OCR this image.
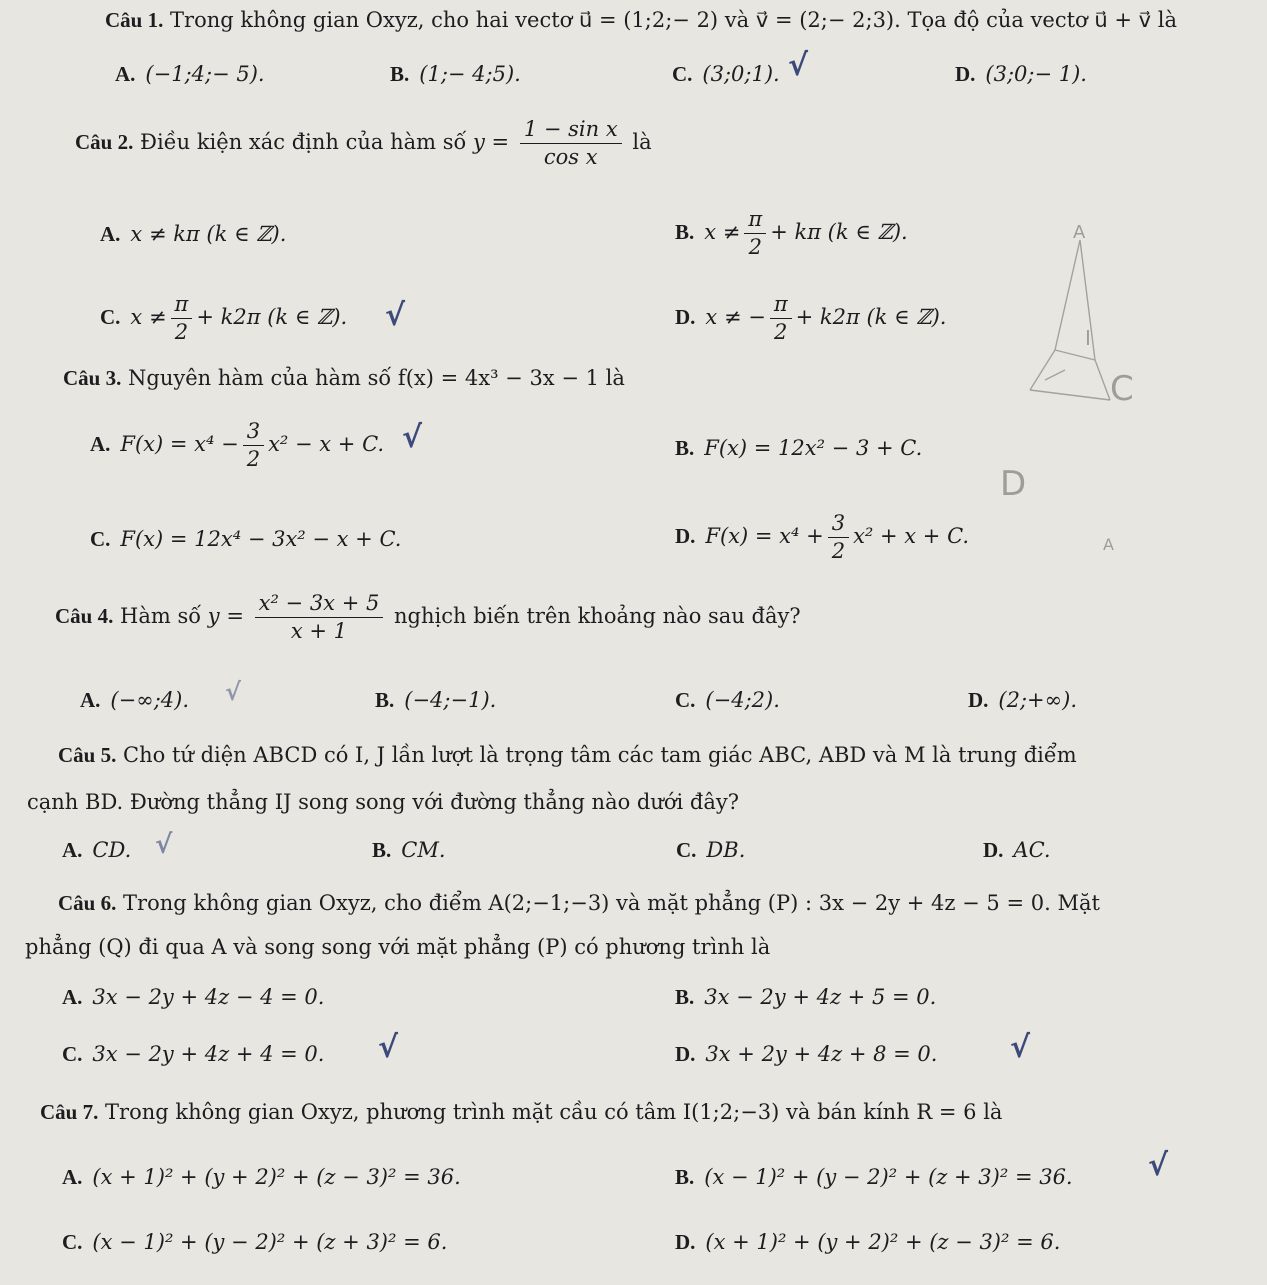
Câu 1. Trong không gian Oxyz, cho hai vectơ u⃗ = (1;2;− 2) và v⃗ = (2;− 2;3). Tọa độ của vectơ u⃗ + v⃗ là
A. (−1;4;− 5).	B. (1;− 4;5).	C. (3;0;1).	D. (3;0;− 1).
√
Câu 2. Điều kiện xác định của hàm số $y = \frac{\text{1 − sin x}}{\text{cos x}}$ là
A. x ≠ kπ (k ∈ ℤ).	B. $x \ne \frac{\pi}{2} + k\pi$ (k ∈ ℤ).
C. $x \ne \frac{\pi}{2} + k2\pi$ (k ∈ ℤ).	D. x ≠ − $\frac{\pi}{2} + k2\pi$ (k ∈ ℤ).
√
Câu 3. Nguyên hàm của hàm số f(x) = 4x³ − 3x − 1 là
A. $F(x) = x^4 - \frac{3}{2} x^2 - x + C$.	B. F(x) = 12x² − 3 + C.
C. F(x) = 12x⁴ − 3x² − x + C.	D. $F(x) = x^4 + \frac{3}{2} x^2 + x + C$.
√
Câu 4. Hàm số $y = \frac{\text{x² − 3x + 5}}{x + 1}$ nghịch biến trên khoảng nào sau đây?
A. (−∞;4).	B. (−4;−1).	C. (−4;2).	D. (2;+∞).
√
Câu 5. Cho tứ diện ABCD có I, J lần lượt là trọng tâm các tam giác ABC, ABD và M là trung điểm
cạnh BD. Đường thẳng IJ song song với đường thẳng nào dưới đây?
A. CD.	B. CM.	C. DB.	D. AC.
√
Câu 6. Trong không gian Oxyz, cho điểm A(2;−1;−3) và mặt phẳng (P) : 3x − 2y + 4z − 5 = 0. Mặt
phẳng (Q) đi qua A và song song với mặt phẳng (P) có phương trình là
A. 3x − 2y + 4z − 4 = 0.	B. 3x − 2y + 4z + 5 = 0.
C. 3x − 2y + 4z + 4 = 0.	D. 3x + 2y + 4z + 8 = 0.
√	√
Câu 7. Trong không gian Oxyz, phương trình mặt cầu có tâm I(1;2;−3) và bán kính R = 6 là
A. (x + 1)² + (y + 2)² + (z − 3)² = 36.	B. (x − 1)² + (y − 2)² + (z + 3)² = 36.
C. (x − 1)² + (y − 2)² + (z + 3)² = 6.	D. (x + 1)² + (y + 2)² + (z − 3)² = 6.
√
A
I
C
D
A
